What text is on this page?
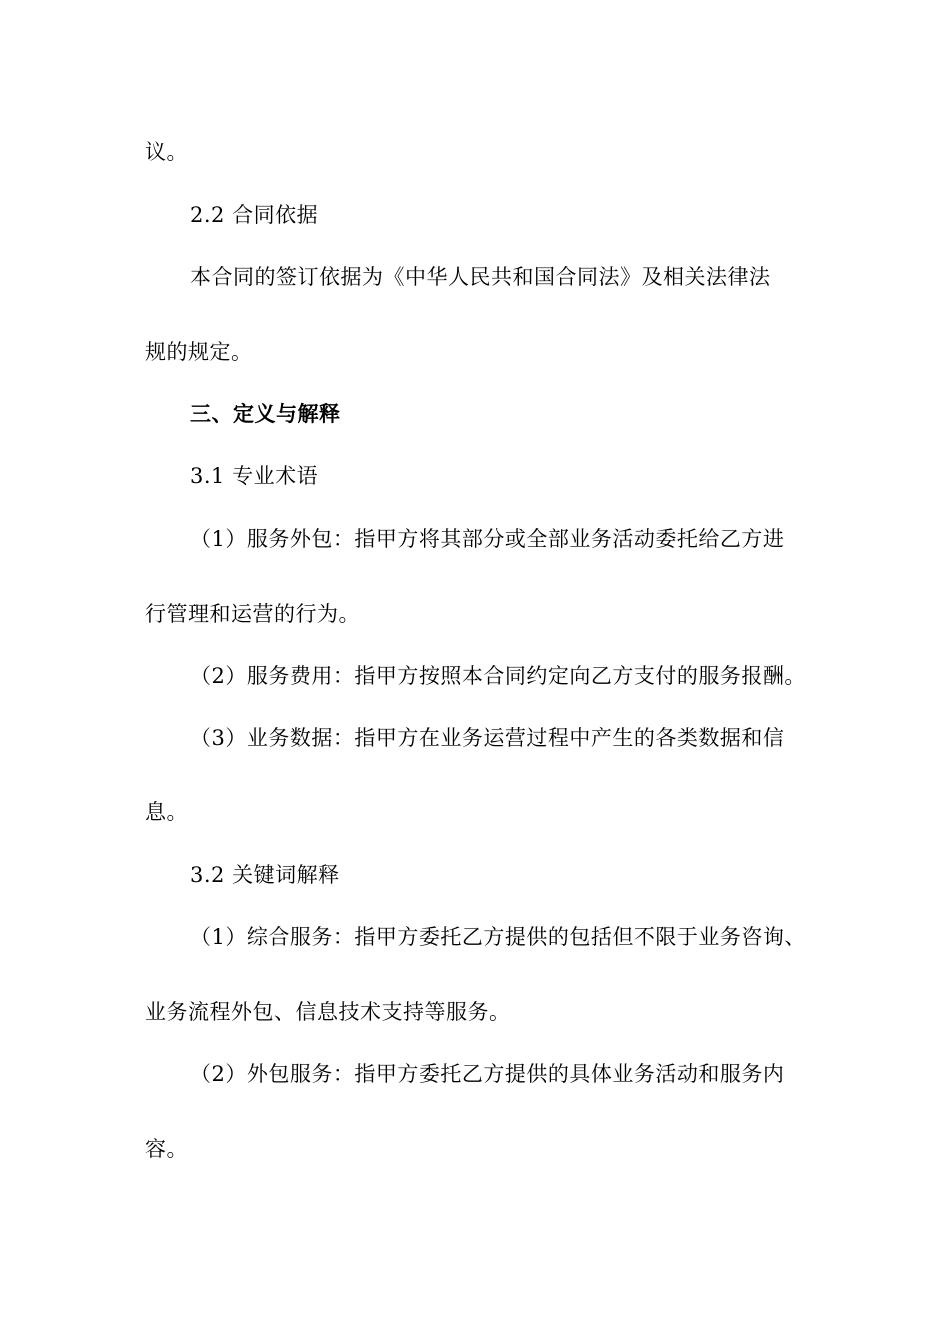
议。
2.2 合同依据
本合同的签订依据为《中华人民共和国合同法》及相关法律法
规的规定。
三、定义与解释
3.1 专业术语
（1）服务外包：指甲方将其部分或全部业务活动委托给乙方进
行管理和运营的行为。
（2）服务费用：指甲方按照本合同约定向乙方支付的服务报酬。
（3）业务数据：指甲方在业务运营过程中产生的各类数据和信
息。
3.2 关键词解释
（1）综合服务：指甲方委托乙方提供的包括但不限于业务咨询、
业务流程外包、信息技术支持等服务。
（2）外包服务：指甲方委托乙方提供的具体业务活动和服务内
容。
